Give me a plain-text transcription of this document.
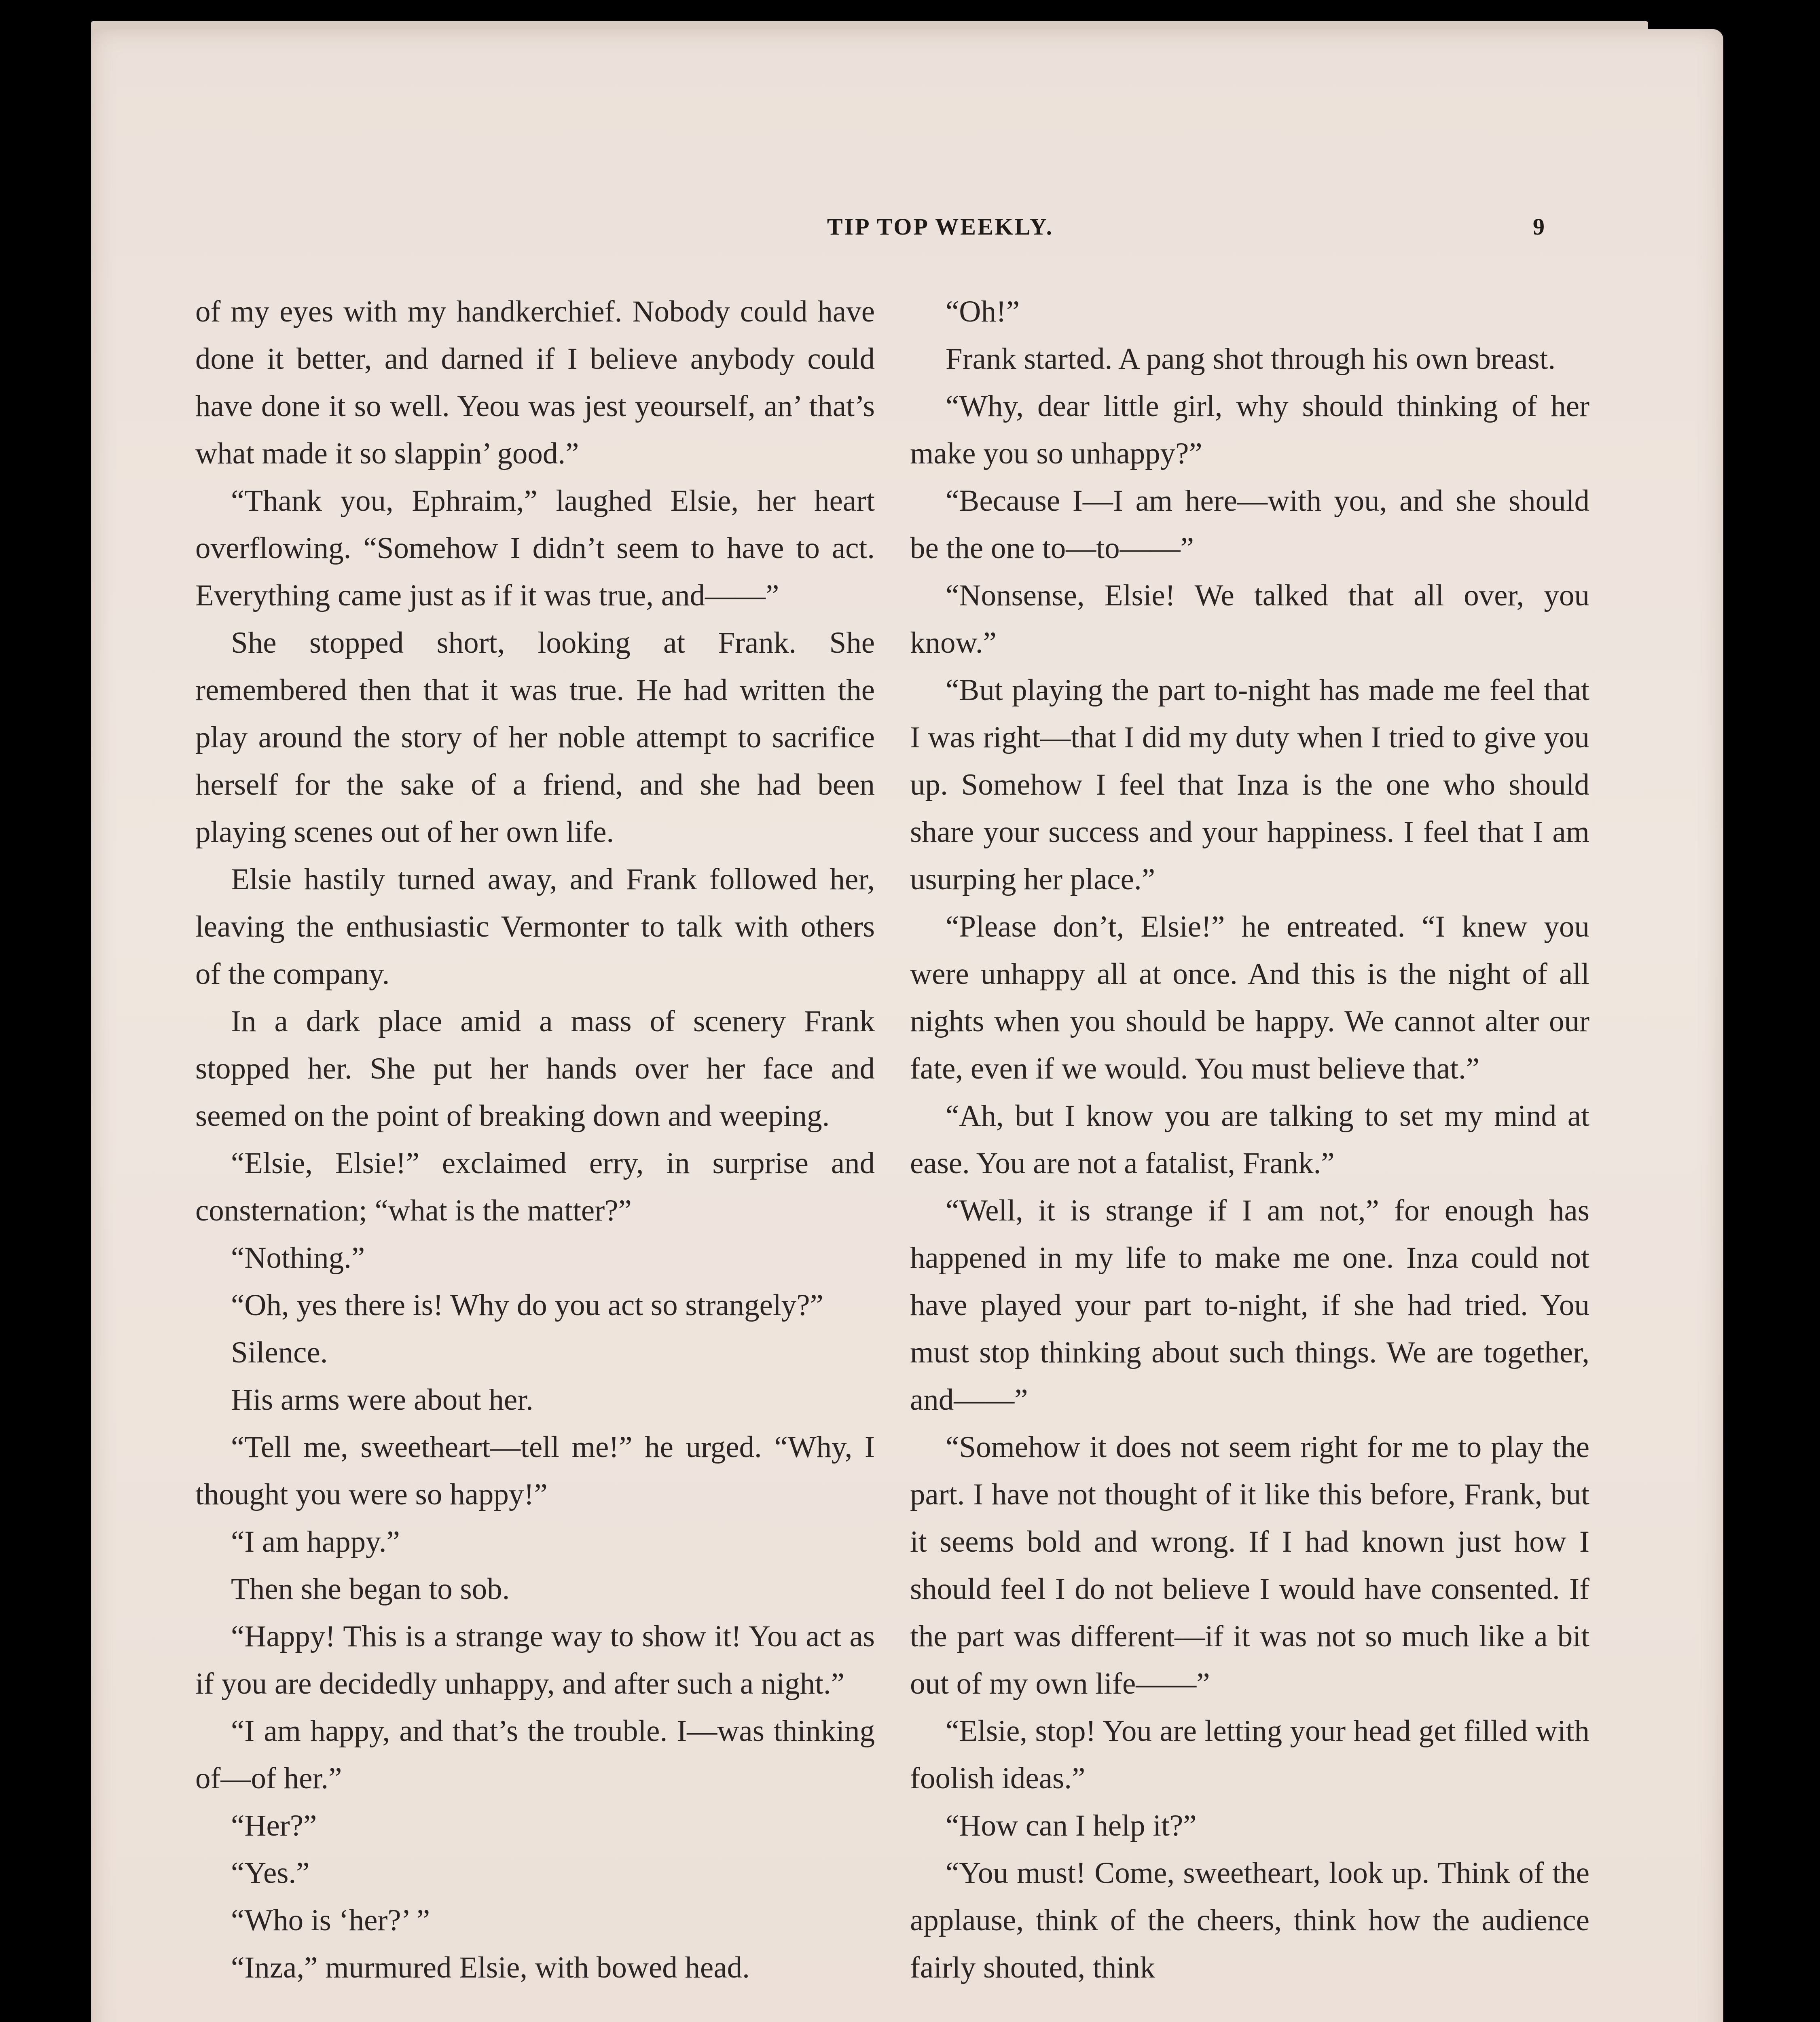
TIP TOP WEEKLY.	9

of my eyes with my handkerchief. Nobody could have done it better, and darned if I believe anybody could have done it so well. Yeou was jest yeourself, an’ that’s what made it so slappin’ good.”

“Thank you, Ephraim,” laughed Elsie, her heart overflowing. “Somehow I didn’t seem to have to act. Everything came just as if it was true, and——”

She stopped short, looking at Frank. She remembered then that it was true. He had written the play around the story of her noble attempt to sacrifice herself for the sake of a friend, and she had been playing scenes out of her own life.

Elsie hastily turned away, and Frank followed her, leaving the enthusiastic Vermonter to talk with others of the company.

In a dark place amid a mass of scenery Frank stopped her. She put her hands over her face and seemed on the point of breaking down and weeping.

“Elsie, Elsie!” exclaimed erry, in surprise and consternation; “what is the matter?”

“Nothing.”

“Oh, yes there is! Why do you act so strangely?”

Silence.

His arms were about her.

“Tell me, sweetheart—tell me!” he urged. “Why, I thought you were so happy!”

“I am happy.”

Then she began to sob.

“Happy! This is a strange way to show it! You act as if you are decidedly unhappy, and after such a night.”

“I am happy, and that’s the trouble. I—was thinking of—of her.”

“Her?”

“Yes.”

“Who is ‘her?’ ”

“Inza,” murmured Elsie, with bowed head.

“Oh!”

Frank started. A pang shot through his own breast.

“Why, dear little girl, why should thinking of her make you so unhappy?”

“Because I—I am here—with you, and she should be the one to—to——”

“Nonsense, Elsie! We talked that all over, you know.”

“But playing the part to-night has made me feel that I was right—that I did my duty when I tried to give you up. Somehow I feel that Inza is the one who should share your success and your happiness. I feel that I am usurping her place.”

“Please don’t, Elsie!” he entreated. “I knew you were unhappy all at once. And this is the night of all nights when you should be happy. We cannot alter our fate, even if we would. You must believe that.”

“Ah, but I know you are talking to set my mind at ease. You are not a fatalist, Frank.”

“Well, it is strange if I am not,” for enough has happened in my life to make me one. Inza could not have played your part to-night, if she had tried. You must stop thinking about such things. We are together, and——”

“Somehow it does not seem right for me to play the part. I have not thought of it like this before, Frank, but it seems bold and wrong. If I had known just how I should feel I do not believe I would have consented. If the part was different—if it was not so much like a bit out of my own life——”

“Elsie, stop! You are letting your head get filled with foolish ideas.”

“How can I help it?”

“You must! Come, sweetheart, look up. Think of the applause, think of the cheers, think how the audience fairly shouted, think
